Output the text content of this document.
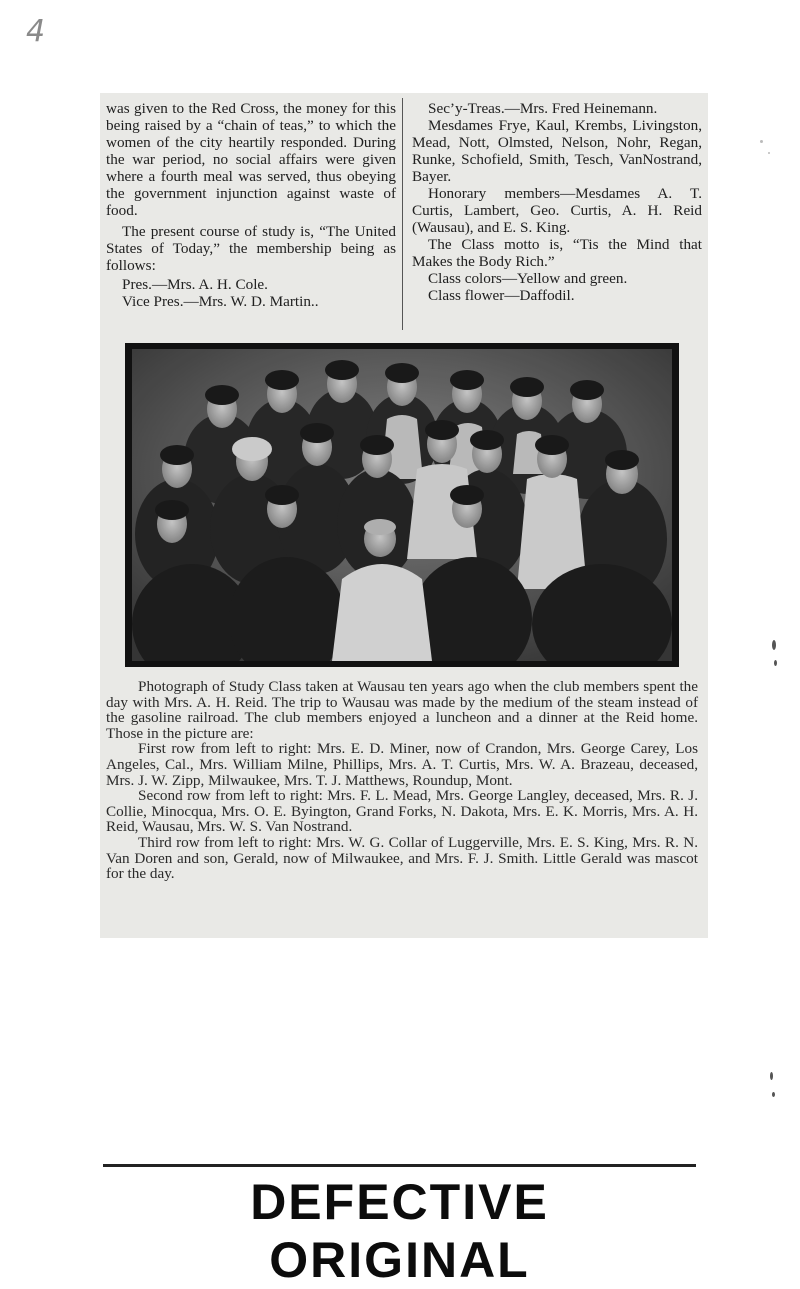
4

was given to the Red Cross, the money for this being raised by a “chain of teas,” to which the women of the city heartily responded. During the war period, no social affairs were given where a fourth meal was served, thus obeying the government injunction against waste of food.

The present course of study is, “The United States of Today,” the membership being as follows:

Pres.—Mrs. A. H. Cole.

Vice Pres.—Mrs. W. D. Martin..

Sec’y-Treas.—Mrs. Fred Heinemann.

Mesdames Frye, Kaul, Krembs, Livingston, Mead, Nott, Olmsted, Nelson, Nohr, Regan, Runke, Schofield, Smith, Tesch, VanNostrand, Bayer.

Honorary members—Mesdames A. T. Curtis, Lambert, Geo. Curtis, A. H. Reid (Wausau), and E. S. King.

The Class motto is, “Tis the Mind that Makes the Body Rich.”

Class colors—Yellow and green.

Class flower—Daffodil.

Photograph of Study Class taken at Wausau ten years ago when the club members spent the day with Mrs. A. H. Reid. The trip to Wausau was made by the medium of the steam instead of the gasoline railroad. The club members enjoyed a luncheon and a dinner at the Reid home. Those in the picture are:

First row from left to right: Mrs. E. D. Miner, now of Crandon, Mrs. George Carey, Los Angeles, Cal., Mrs. William Milne, Phillips, Mrs. A. T. Curtis, Mrs. W. A. Brazeau, deceased, Mrs. J. W. Zipp, Milwaukee, Mrs. T. J. Matthews, Roundup, Mont.

Second row from left to right: Mrs. F. L. Mead, Mrs. George Langley, deceased, Mrs. R. J. Collie, Minocqua, Mrs. O. E. Byington, Grand Forks, N. Dakota, Mrs. E. K. Morris, Mrs. A. H. Reid, Wausau, Mrs. W. S. Van Nostrand.

Third row from left to right: Mrs. W. G. Collar of Luggerville, Mrs. E. S. King, Mrs. R. N. Van Doren and son, Gerald, now of Milwaukee, and Mrs. F. J. Smith. Little Gerald was mascot for the day.

DEFECTIVE ORIGINAL
